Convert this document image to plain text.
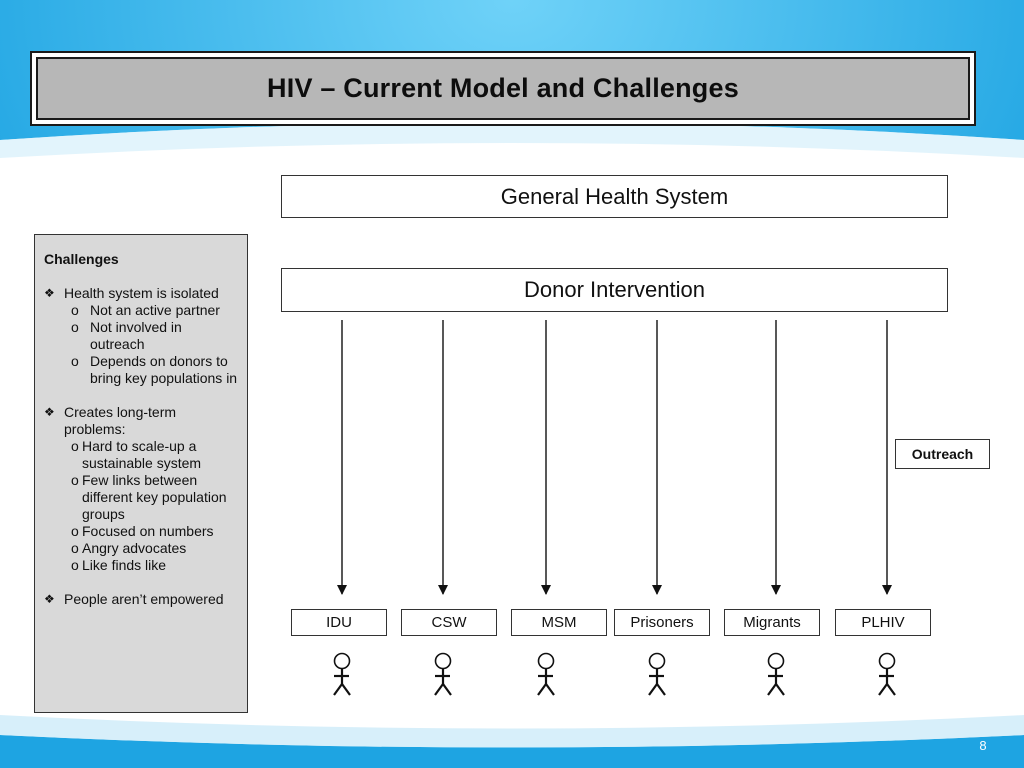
HIV – Current Model and Challenges
General Health System
Donor Intervention
Outreach
IDU	CSW	MSM	Prisoners	Migrants	PLHIV
Challenges
❖ Health system is isolated
o Not an active partner
o Not involved in outreach
o Depends on donors to bring key populations in
❖ Creates long-term problems:
o Hard to scale-up a sustainable system
o Few links between different key population groups
o Focused on numbers
o Angry advocates
o Like finds like
❖ People aren’t empowered
8
